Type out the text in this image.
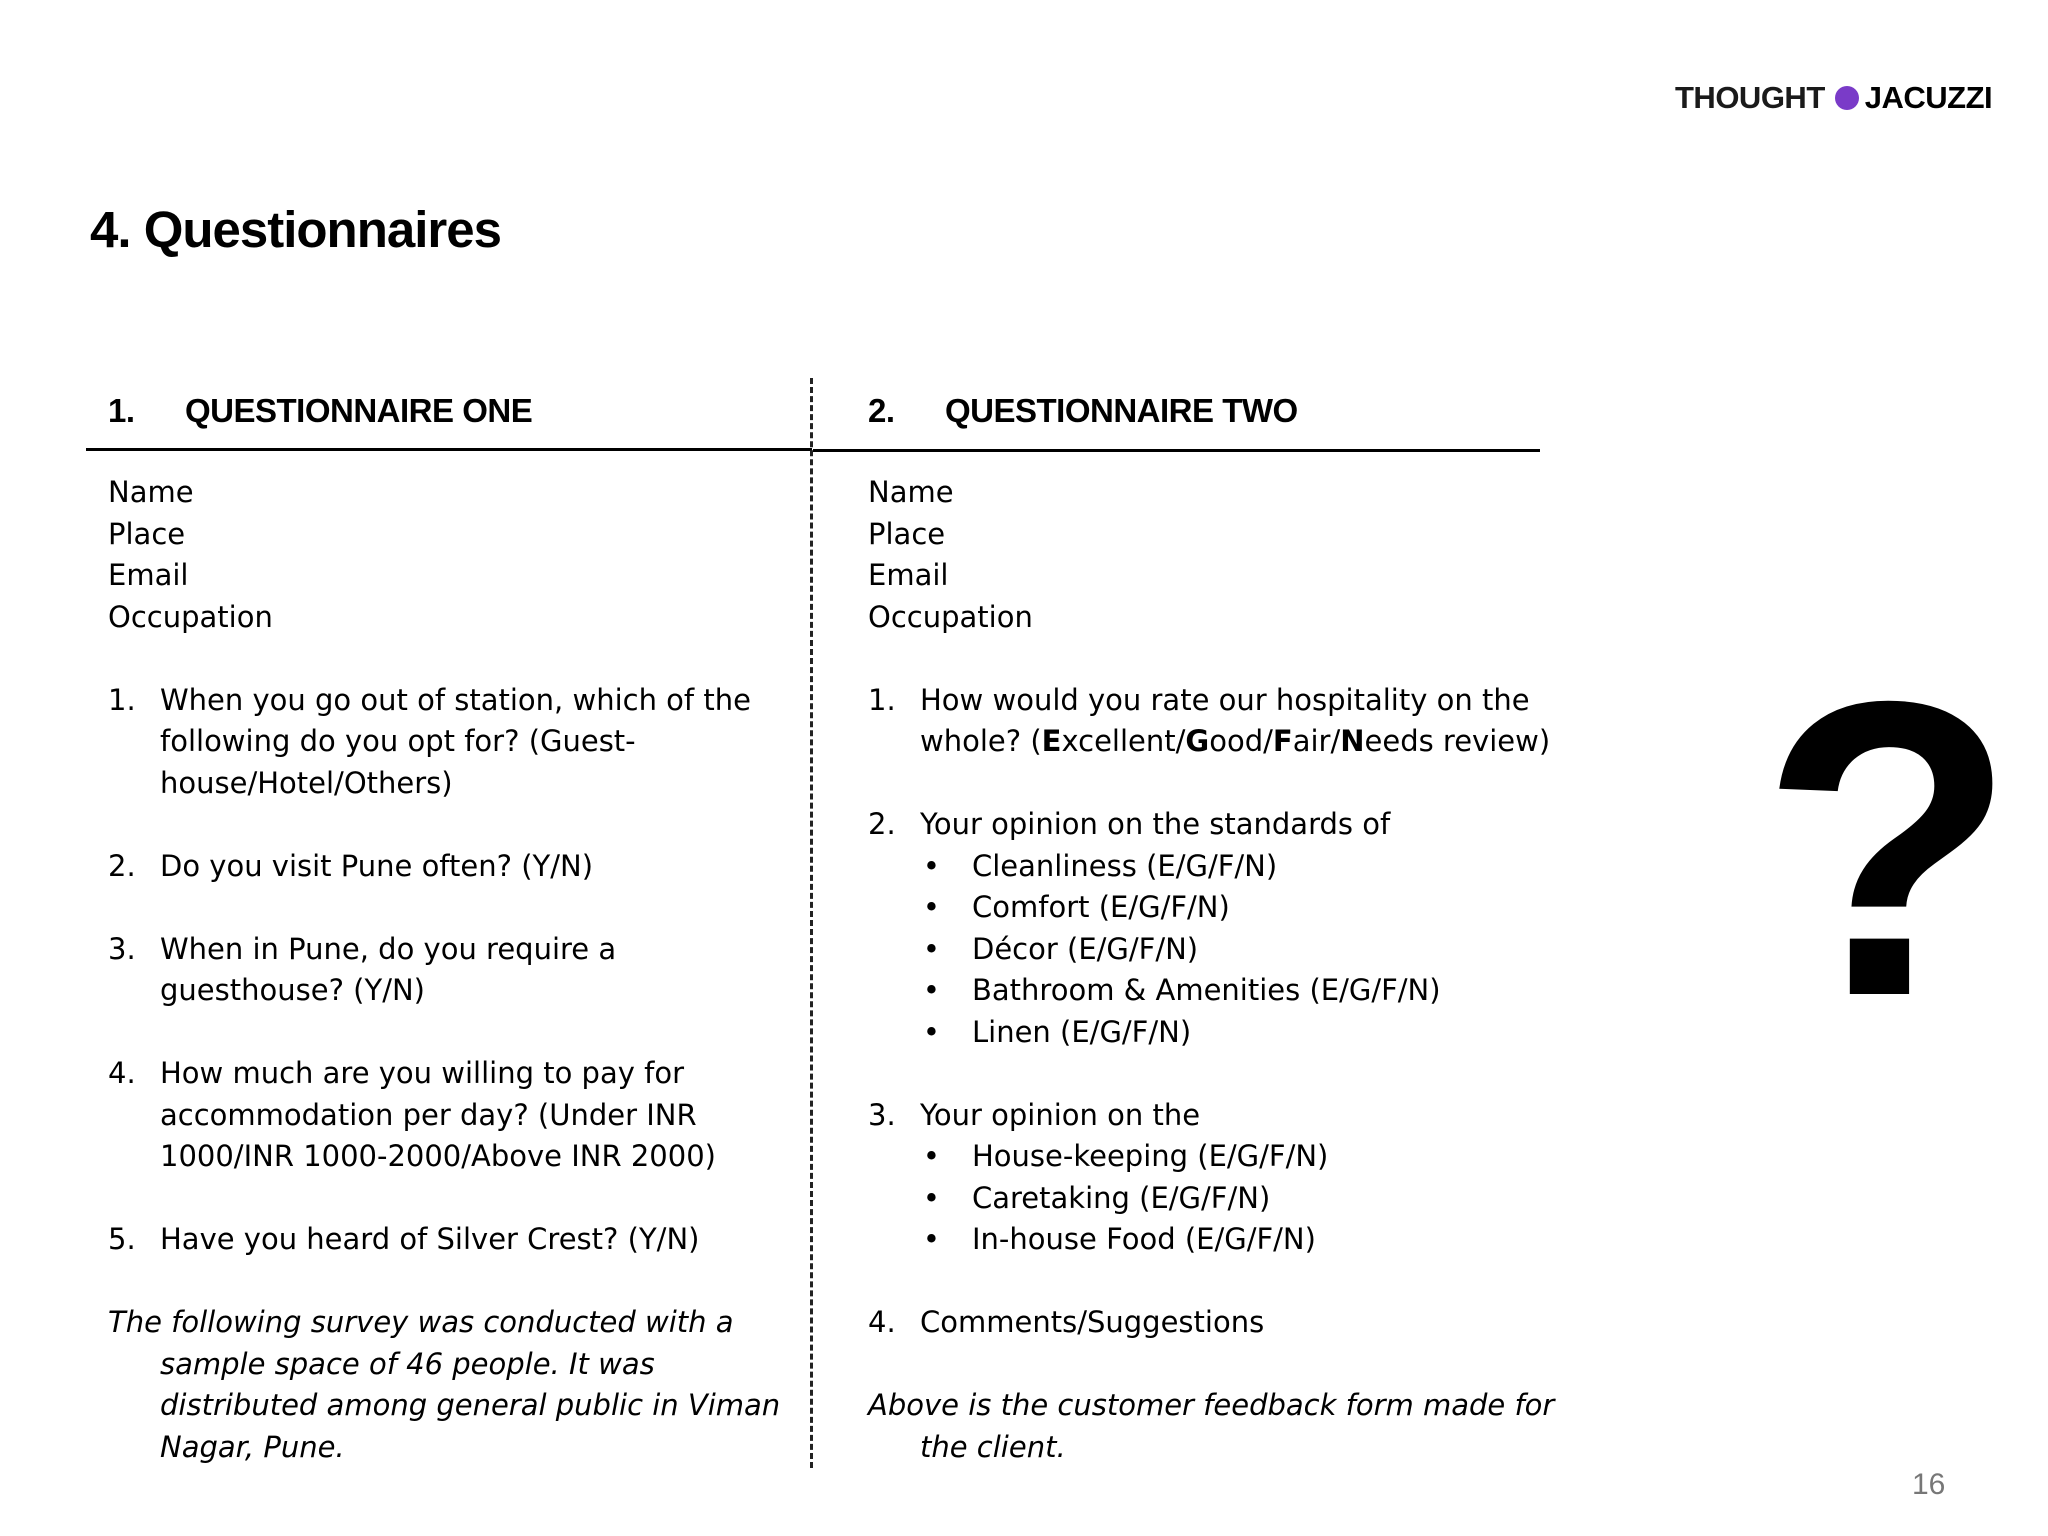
THOUGHT JACUZZI
4. Questionnaires
1.	QUESTIONNAIRE ONE
Name
Place
Email
Occupation
1. When you go out of station, which of the following do you opt for? (Guest-house/Hotel/Others)
2. Do you visit Pune often? (Y/N)
3. When in Pune, do you require a guesthouse? (Y/N)
4. How much are you willing to pay for accommodation per day? (Under INR 1000/INR 1000-2000/Above INR 2000)
5. Have you heard of Silver Crest? (Y/N)
The following survey was conducted with a sample space of 46 people. It was distributed among general public in Viman Nagar, Pune.
2.	QUESTIONNAIRE TWO
Name
Place
Email
Occupation
1. How would you rate our hospitality on the whole? (Excellent/Good/Fair/Needs review)
2. Your opinion on the standards of
•	Cleanliness (E/G/F/N)
•	Comfort (E/G/F/N)
•	Décor (E/G/F/N)
•	Bathroom & Amenities (E/G/F/N)
•	Linen (E/G/F/N)
3. Your opinion on the
•	House-keeping (E/G/F/N)
•	Caretaking (E/G/F/N)
•	In-house Food (E/G/F/N)
4. Comments/Suggestions
Above is the customer feedback form made for the client.
?
16
